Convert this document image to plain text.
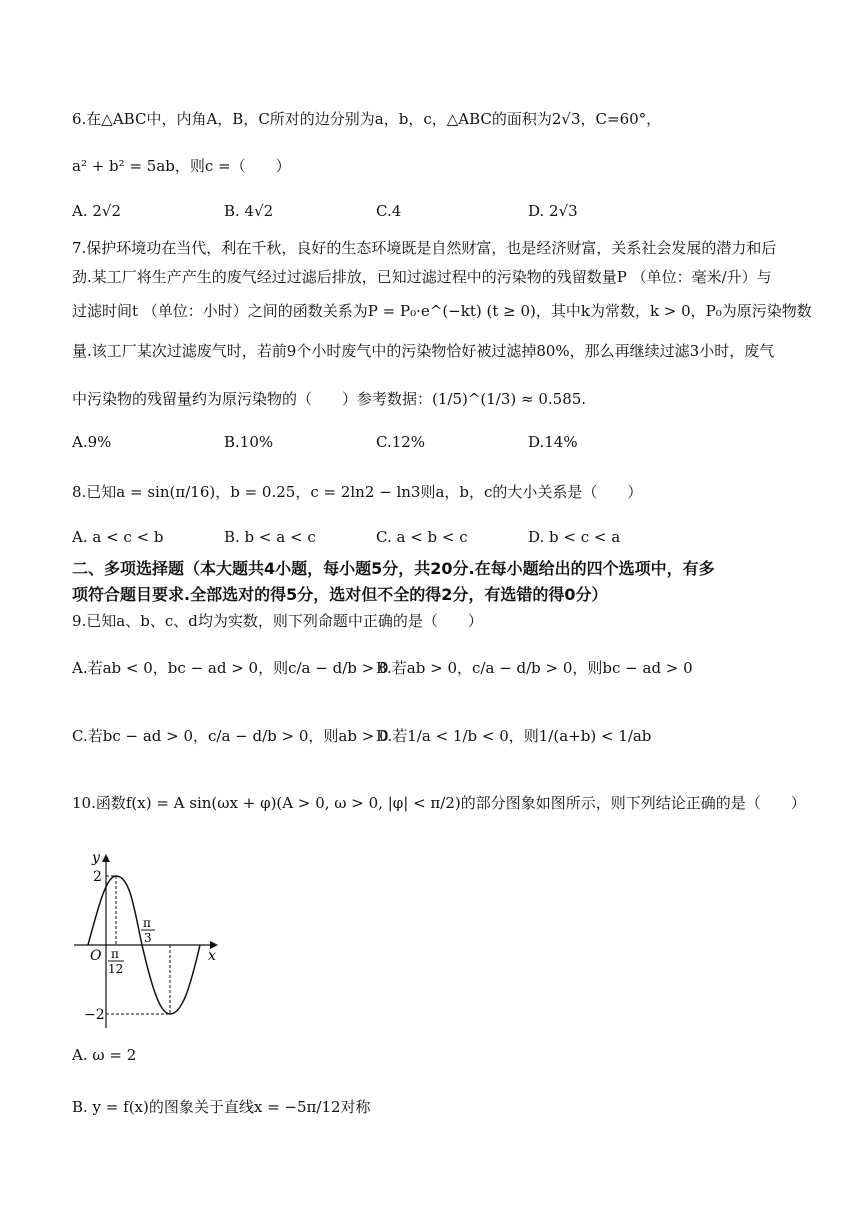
6.在△ABC中，内角A，B，C所对的边分别为a，b，c，△ABC的面积为2√3，C=60°，
a² + b² = 5ab，则c =（　　）
A. 2√2	B. 4√2	C.4	D. 2√3
7.保护环境功在当代，利在千秋，良好的生态环境既是自然财富，也是经济财富，关系社会发展的潜力和后
劲.某工厂将生产产生的废气经过过滤后排放，已知过滤过程中的污染物的残留数量P （单位：毫米/升）与
过滤时间t （单位：小时）之间的函数关系为P = P₀·e^(−kt) (t ≥ 0)，其中k为常数，k > 0，P₀为原污染物数
量.该工厂某次过滤废气时，若前9个小时废气中的污染物恰好被过滤掉80%，那么再继续过滤3小时，废气
中污染物的残留量约为原污染物的（　　）参考数据：(1/5)^(1/3) ≈ 0.585.
A.9%	B.10%	C.12%	D.14%
8.已知a = sin(π/16)，b = 0.25，c = 2ln2 − ln3则a，b，c的大小关系是（　　）
A. a < c < b	B. b < a < c	C. a < b < c	D. b < c < a
二、多项选择题（本大题共4小题，每小题5分，共20分.在每小题给出的四个选项中，有多
项符合题目要求.全部选对的得5分，选对但不全的得2分，有选错的得0分）
9.已知a、b、c、d均为实数，则下列命题中正确的是（　　）
A.若ab < 0，bc − ad > 0，则c/a − d/b > 0
B.若ab > 0，c/a − d/b > 0，则bc − ad > 0
C.若bc − ad > 0，c/a − d/b > 0，则ab > 0
D.若1/a < 1/b < 0，则1/(a+b) < 1/ab
10.函数f(x) = A sin(ωx + φ)(A > 0, ω > 0, |φ| < π/2)的部分图象如图所示，则下列结论正确的是（　　）
y
x
O
2
−2
π
12
π
3
A. ω = 2
B. y = f(x)的图象关于直线x = −5π/12对称
